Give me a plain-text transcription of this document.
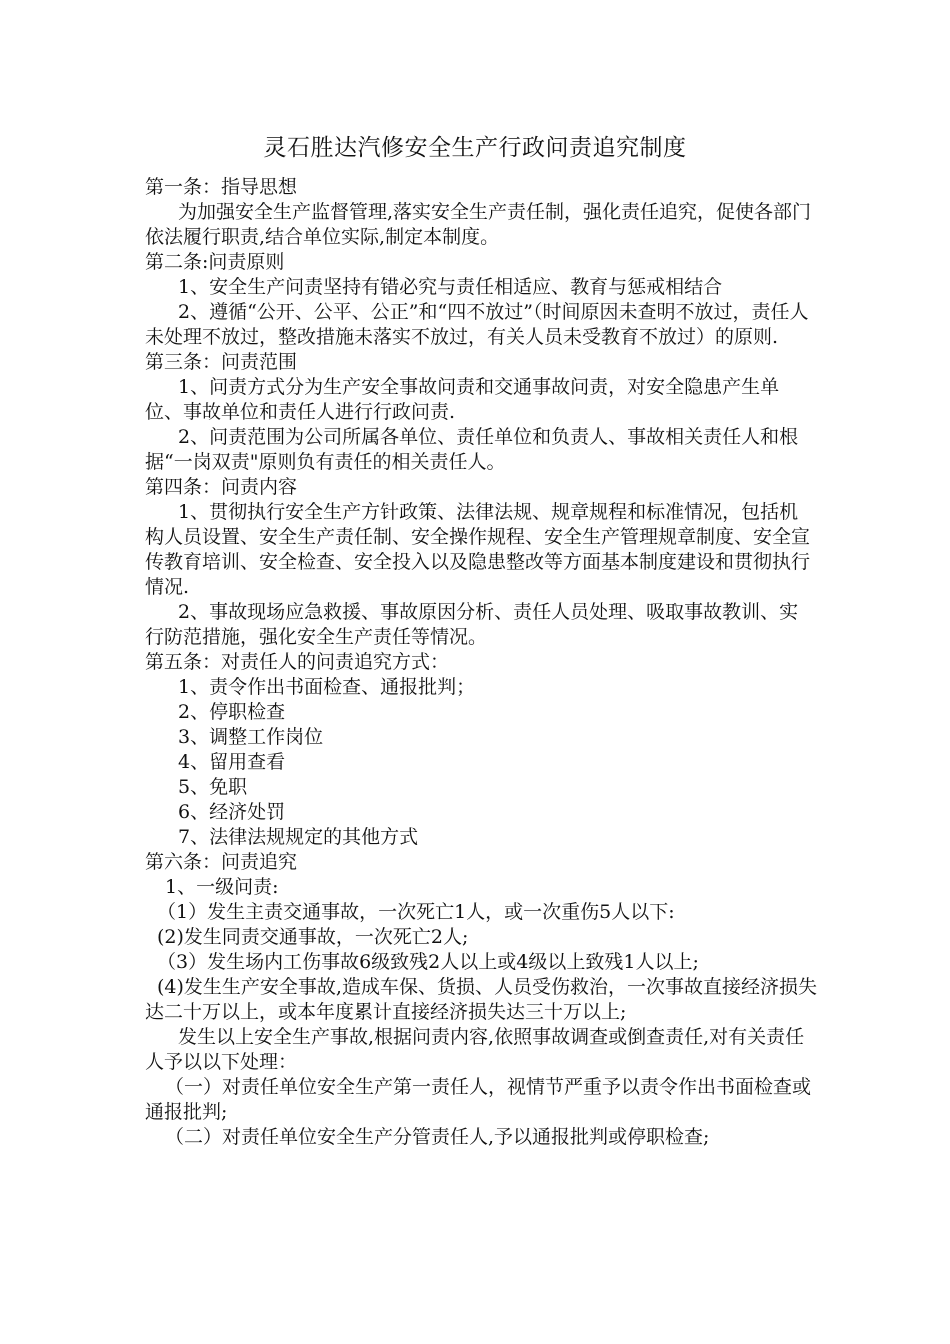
灵石胜达汽修安全生产行政问责追究制度

第一条：指导思想

为加强安全生产监督管理,落实安全生产责任制，强化责任追究，促使各部门依法履行职责,结合单位实际,制定本制度。

第二条:问责原则

1、安全生产问责坚持有错必究与责任相适应、教育与惩戒相结合

2、遵循“公开、公平、公正”和“四不放过”（时间原因未查明不放过，责任人未处理不放过，整改措施未落实不放过，有关人员未受教育不放过）的原则.

第三条：问责范围

1、问责方式分为生产安全事故问责和交通事故问责，对安全隐患产生单位、事故单位和责任人进行行政问责.

2、问责范围为公司所属各单位、责任单位和负责人、事故相关责任人和根据“一岗双责"原则负有责任的相关责任人。

第四条：问责内容

1、贯彻执行安全生产方针政策、法律法规、规章规程和标准情况，包括机构人员设置、安全生产责任制、安全操作规程、安全生产管理规章制度、安全宣传教育培训、安全检查、安全投入以及隐患整改等方面基本制度建设和贯彻执行情况.

2、事故现场应急救援、事故原因分析、责任人员处理、吸取事故教训、实行防范措施，强化安全生产责任等情况。

第五条：对责任人的问责追究方式：

1、责令作出书面检查、通报批判；

2、停职检查

3、调整工作岗位

4、留用查看

5、免职

6、经济处罚

7、法律法规规定的其他方式

第六条：问责追究

1、一级问责:

（1）发生主责交通事故，一次死亡1人，或一次重伤5人以下:

(2)发生同责交通事故，一次死亡2人;

（3）发生场内工伤事故6级致残2人以上或4级以上致残1人以上;

(4)发生生产安全事故,造成车保、货损、人员受伤救治，一次事故直接经济损失达二十万以上，或本年度累计直接经济损失达三十万以上;

发生以上安全生产事故,根据问责内容,依照事故调查或倒查责任,对有关责任人予以以下处理：

（一）对责任单位安全生产第一责任人，视情节严重予以责令作出书面检查或通报批判;

（二）对责任单位安全生产分管责任人,予以通报批判或停职检查;
